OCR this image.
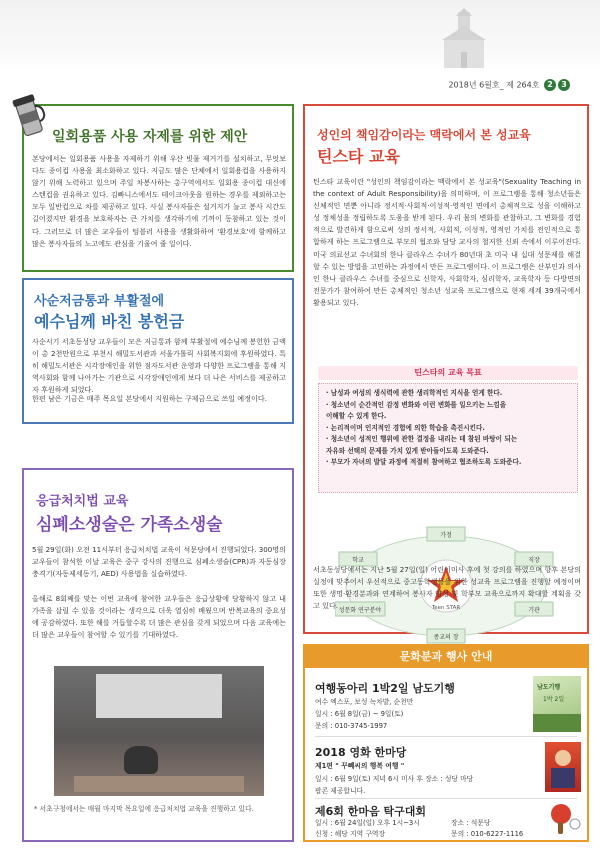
2018년 6월호_ 제 264호 2 3
일회용품 사용 자제를 위한 제안
본당에서는 일회용품 사용을 자제하기 위해 우산 빗물 제거기를 설치하고, 무엇보다도 종이컵 사용을 최소화하고 있다. 지금도 많은 단체에서 일회용컵을 사용하지 않기 위해 노력하고 있으며 주일 차봉사하는 총구역에서도 일회용 종이컵 대신에 스텐컵을 권유하고 있다. 김빠니스에서도 테이크아웃을 원하는 경우를 제외하고는 모두 일반컵으로 차를 제공하고 있다. 사실 봉사자들은 설거지가 늘고 봉사 시간도 길어졌지만 환경을 보호하자는 큰 가치를 생각하기에 기꺼이 동참하고 있는 것이다. 그러므로 더 많은 교우들이 텀블러 사용을 생활화하여 '환경보호'에 함께하고 많은 봉사자들의 노고에도 관심을 기울여 줄 일이다.
사순저금통과 부활절에
예수님께 바친 봉헌금
사순시기 서초동성당 교우들이 모은 저금통과 함께 부활절에 예수님께 봉헌한 금액이 총 2천만원으로 부천시 해밀도서관과 서울가톨릭 사회복지회에 후원하였다. 특히 해밀도서관은 시각장애인을 위한 점자도서관 운영과 다양한 프로그램을 통해 지역사회와 함께 나아가는 기관으로 시각장애인에게 보다 더 나은 서비스를 제공하고자 후원하게 되었다.
한편 남은 기금은 매주 목요일 본당에서 지원하는 구제금으로 쓰일 예정이다.
응급처치법 교육
심폐소생술은 가족소생술
5월 29일(화) 오전 11시부터 응급처치법 교육이 석문당에서 진행되었다. 300명의 교우들이 참석한 이날 교육은 중구 강사의 진행으로 심폐소생술(CPR)과 자동심장충격기(자동제세동기, AED) 사용법을 실습하였다.
올해로 8회째를 맞는 이번 교육에 참여한 교우들은 응급상황에 당황하지 않고 내 가족을 살릴 수 있을 것이라는 생각으로 더욱 열심히 배웠으며 반복교육의 중요성에 공감하였다. 또한 해를 거듭할수록 더 많은 관심을 갖게 되었으며 다음 교육에는 더 많은 교우들이 참여할 수 있기를 기대하였다.
* 서초구청에서는 매월 마지막 목요일에 응급처치법 교육을 진행하고 있다.
성인의 책임감이라는 맥락에서 본 성교육
틴스타 교육
틴스타 교육이란 "성인의 책임감이라는 맥락에서 본 성교육"(Sexuality Teaching in the context of Adult Responsibility)을 의미하며, 이 프로그램을 통해 청소년들은 신체적인 면뿐 아니라 정서적·사회적·이성적·영적인 면에서 총체적으로 성을 이해하고 성 정체성을 정립하도록 도움을 받게 된다. 우리 몸의 변화를 관찰하고, 그 변화를 경험적으로 발견하게 함으로써 성의 정서적, 사회적, 이성적, 영적인 가치를 전인적으로 통합하게 하는 프로그램으로 부모의 협조와 담당 교사의 철저한 신뢰 속에서 이루어진다. 미국 의료선교 수녀회의 한나 클라우스 수녀가 80년대 초 미국 내 십대 성문제를 해결할 수 있는 방법을 고민하는 과정에서 만든 프로그램이다. 이 프로그램은 산부인과 의사인 한나 클라우스 수녀를 중심으로 신학자, 사회학자, 심리학자, 교육학자 등 다방면의 전문가가 참여하여 만든 총체적인 청소년 성교육 프로그램으로 현재 세계 39개국에서 활용되고 있다.
틴스타의 교육 목표
· 남성과 여성의 생식력에 관한 생리학적인 지식을 얻게 한다.
· 청소년이 순간적인 감정 변화와 이런 변화를 일으키는 느낌을
이해할 수 있게 한다.
· 논리적이며 인지적인 경험에 의한 학습을 촉진시킨다.
· 청소년이 성적인 행위에 관한 결정을 내리는 데 참된 바탕이 되는
자유와 선택의 문제를 가치 있게 받아들이도록 도와준다.
· 부모가 자녀의 발달 과정에 적절히 참여하고 협조하도록 도와준다.
가정
학교	직장
성문화 연구분야	기관
종교의 장
Teen STAR
서초동성당에서는 지난 5월 27일(일) 어린이미사 후에 첫 강의를 하였으며 향후 본당의 실정에 맞추어서 우선적으로 중고등학생들을 위한 성교육 프로그램을 진행할 예정이며 또한 생명·환경분과와 연계하여 봉사자 양성 및 학부모 교육으로까지 확대할 계획을 갖고 있다.
문화분과 행사 안내
여행동아리 1박2일 남도기행
여수 엑스포, 보성 녹차밭, 순천만
일시 : 6월 8일(금) ~ 9일(토)
문의 : 010-3745-1997
남도기행
1박 2일
2018 영화 한마당
제1편 " 꾸뻬씨의 행복 여행 "
일시 : 6월 9일(토) 저녁 6시 미사 후 장소 : 성당 마당
팝콘 제공합니다.
제6회 한마음 탁구대회
일시 : 6월 24일(일) 오후 1시~3시
신청 : 해당 지역 구역장
장소 : 석문당
문의 : 010-6227-1116
